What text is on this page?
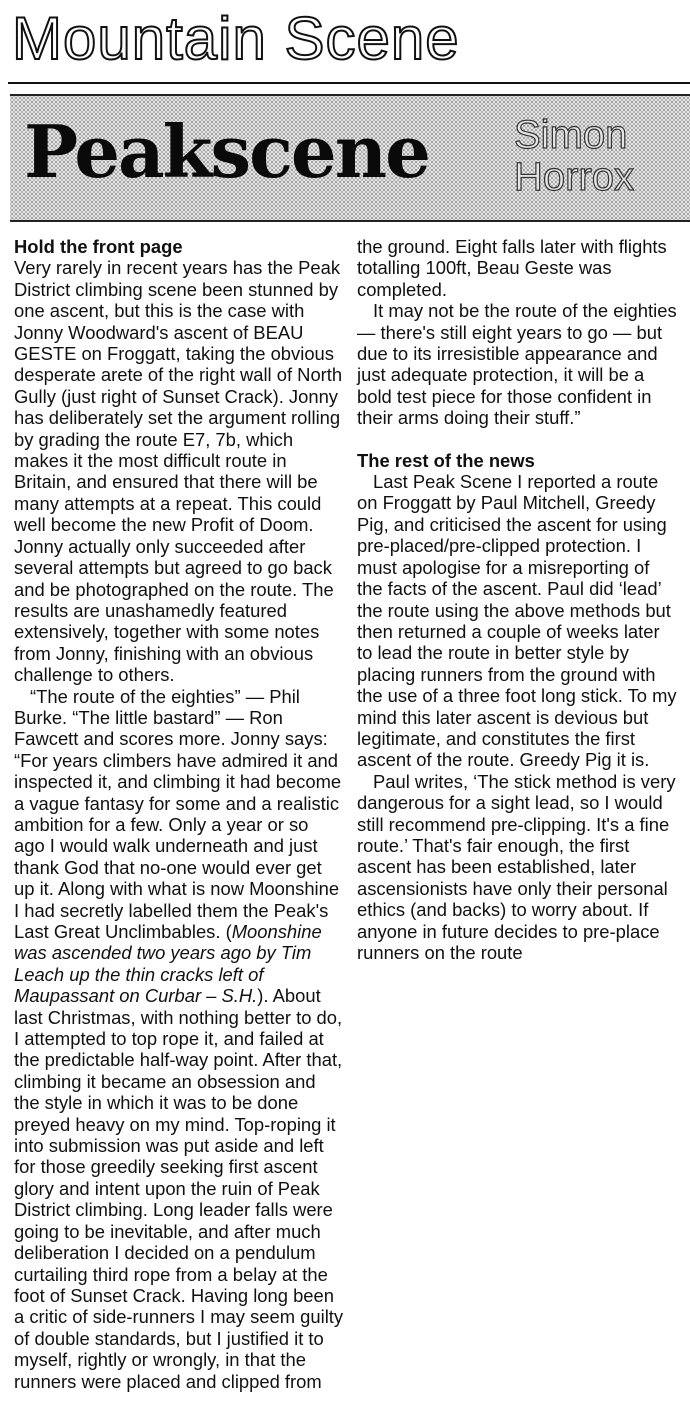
Mountain Scene
Peakscene Simon
Horrox
Hold the front page

Very rarely in recent years has the Peak District climbing scene been stunned by one ascent, but this is the case with Jonny Woodward's ascent of BEAU GESTE on Froggatt, taking the obvious desperate arete of the right wall of North Gully (just right of Sunset Crack). Jonny has deliberately set the argument rolling by grading the route E7, 7b, which makes it the most difficult route in Britain, and ensured that there will be many attempts at a repeat. This could well become the new Profit of Doom. Jonny actually only succeeded after several attempts but agreed to go back and be photographed on the route. The results are unashamedly featured extensively, together with some notes from Jonny, finishing with an obvious challenge to others.

“The route of the eighties” — Phil Burke. “The little bastard” — Ron Fawcett and scores more. Jonny says: “For years climbers have admired it and inspected it, and climbing it had become a vague fantasy for some and a realistic ambition for a few. Only a year or so ago I would walk underneath and just thank God that no-one would ever get up it. Along with what is now Moonshine I had secretly labelled them the Peak's Last Great Unclimbables. (Moonshine was ascended two years ago by Tim Leach up the thin cracks left of Maupassant on Curbar – S.H.). About last Christmas, with nothing better to do, I attempted to top rope it, and failed at the predictable half-way point. After that, climbing it became an obsession and the style in which it was to be done preyed heavy on my mind. Top-roping it into submission was put aside and left for those greedily seeking first ascent glory and intent upon the ruin of Peak District climbing. Long leader falls were going to be inevitable, and after much deliberation I decided on a pendulum curtailing third rope from a belay at the foot of Sunset Crack. Having long been a critic of side-runners I may seem guilty of double standards, but I justified it to myself, rightly or wrongly, in that the runners were placed and clipped from

the ground. Eight falls later with flights totalling 100ft, Beau Geste was completed.

It may not be the route of the eighties — there's still eight years to go — but due to its irresistible appearance and just adequate protection, it will be a bold test piece for those confident in their arms doing their stuff.”

The rest of the news

Last Peak Scene I reported a route on Froggatt by Paul Mitchell, Greedy Pig, and criticised the ascent for using pre-placed/pre-clipped protection. I must apologise for a misreporting of the facts of the ascent. Paul did ‘lead’ the route using the above methods but then returned a couple of weeks later to lead the route in better style by placing runners from the ground with the use of a three foot long stick. To my mind this later ascent is devious but legitimate, and constitutes the first ascent of the route. Greedy Pig it is.

Paul writes, ‘The stick method is very dangerous for a sight lead, so I would still recommend pre-clipping. It's a fine route.’ That's fair enough, the first ascent has been established, later ascensionists have only their personal ethics (and backs) to worry about. If anyone in future decides to pre-place runners on the route
